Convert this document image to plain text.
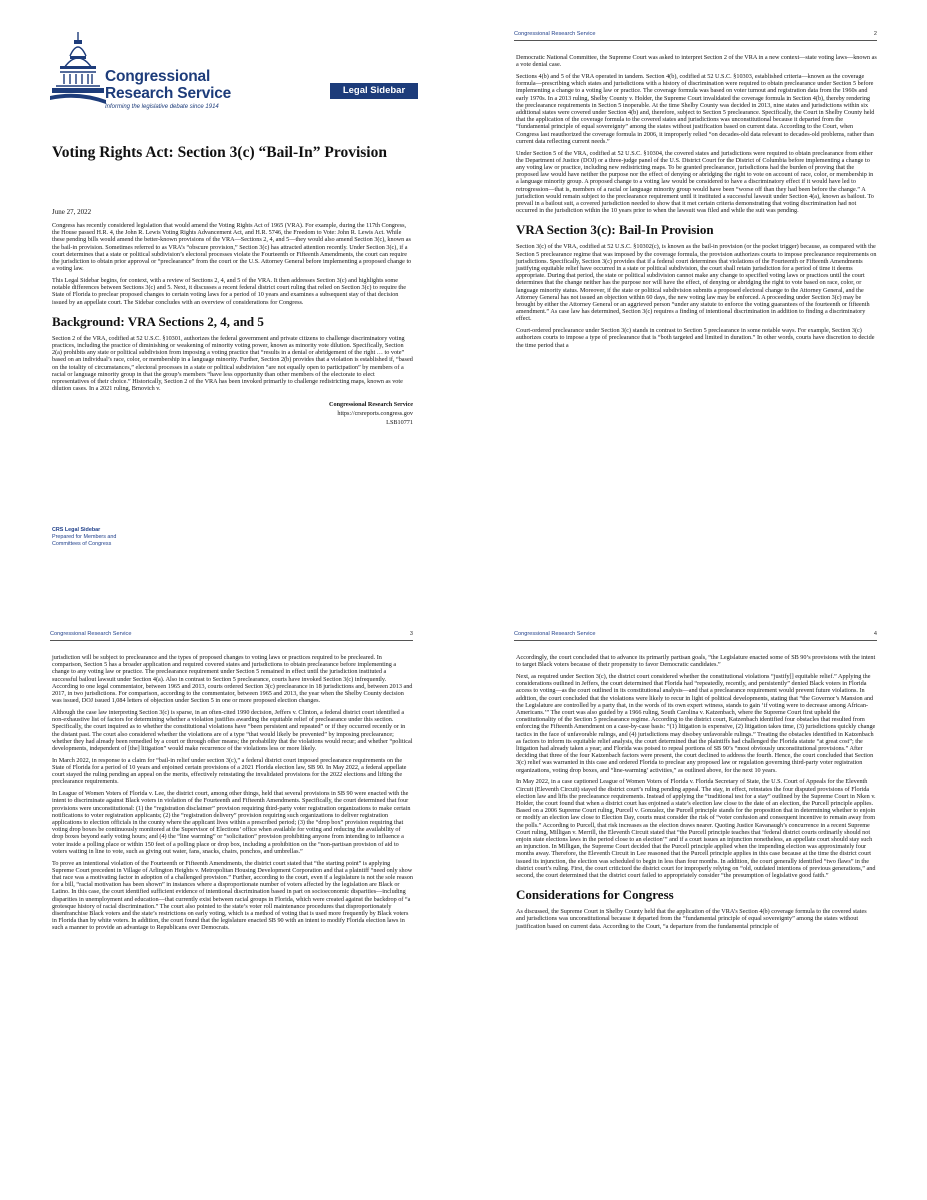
Congressional
Research Service
Informing the legislative debate since 1914
Legal Sidebar
Voting Rights Act: Section 3(c) “Bail-In” Provision
June 27, 2022

Congress has recently considered legislation that would amend the Voting Rights Act of 1965 (VRA). For example, during the 117th Congress, the House passed H.R. 4, the John R. Lewis Voting Rights Advancement Act, and H.R. 5746, the Freedom to Vote: John R. Lewis Act. While these pending bills would amend the better-known provisions of the VRA—Sections 2, 4, and 5—they would also amend Section 3(c), known as the bail-in provision. Sometimes referred to as VRA’s “obscure provision,” Section 3(c) has attracted attention recently. Under Section 3(c), if a court determines that a state or political subdivision’s electoral processes violate the Fourteenth or Fifteenth Amendments, the court can require the jurisdiction to obtain prior approval or “preclearance” from the court or the U.S. Attorney General before implementing a proposed change to a voting law.

This Legal Sidebar begins, for context, with a review of Sections 2, 4, and 5 of the VRA. It then addresses Section 3(c) and highlights some notable differences between Sections 3(c) and 5. Next, it discusses a recent federal district court ruling that relied on Section 3(c) to require the State of Florida to preclear proposed changes to certain voting laws for a period of 10 years and examines a subsequent stay of that decision issued by an appellate court. The Sidebar concludes with an overview of considerations for Congress.

Background: VRA Sections 2, 4, and 5

Section 2 of the VRA, codified at 52 U.S.C. §10301, authorizes the federal government and private citizens to challenge discriminatory voting practices, including the practice of diminishing or weakening of minority voting power, known as minority vote dilution. Specifically, Section 2(a) prohibits any state or political subdivision from imposing a voting practice that “results in a denial or abridgement of the right … to vote” based on an individual’s race, color, or membership in a language minority. Further, Section 2(b) provides that a violation is established if, “based on the totality of circumstances,” electoral processes in a state or political subdivision “are not equally open to participation” by members of a racial or language minority group in that the group’s members “have less opportunity than other members of the electorate to elect representatives of their choice.” Historically, Section 2 of the VRA has been invoked primarily to challenge redistricting maps, known as vote dilution cases. In a 2021 ruling, Brnovich v.

Congressional Research Service
https://crsreports.congress.gov
LSB10771
CRS Legal Sidebar
Prepared for Members and
Committees of Congress
Congressional Research Service	2

Democratic National Committee, the Supreme Court was asked to interpret Section 2 of the VRA in a new context—state voting laws—known as a vote denial case.

Sections 4(b) and 5 of the VRA operated in tandem. Section 4(b), codified at 52 U.S.C. §10303, established criteria—known as the coverage formula—prescribing which states and jurisdictions with a history of discrimination were required to obtain preclearance under Section 5 before implementing a change to a voting law or practice. The coverage formula was based on voter turnout and registration data from the 1960s and early 1970s. In a 2013 ruling, Shelby County v. Holder, the Supreme Court invalidated the coverage formula in Section 4(b), thereby rendering the preclearance requirements in Section 5 inoperable. At the time Shelby County was decided in 2013, nine states and jurisdictions within six additional states were covered under Section 4(b) and, therefore, subject to Section 5 preclearance. Specifically, the Court in Shelby County held that the application of the coverage formula to the covered states and jurisdictions was unconstitutional because it departed from the “fundamental principle of equal sovereignty” among the states without justification based on current data. According to the Court, when Congress last reauthorized the coverage formula in 2006, it improperly relied “on decades-old data relevant to decades-old problems, rather than current data reflecting current needs.”

Under Section 5 of the VRA, codified at 52 U.S.C. §10304, the covered states and jurisdictions were required to obtain preclearance from either the Department of Justice (DOJ) or a three-judge panel of the U.S. District Court for the District of Columbia before implementing a change to any voting law or practice, including new redistricting maps. To be granted preclearance, jurisdictions had the burden of proving that the proposed law would have neither the purpose nor the effect of denying or abridging the right to vote on account of race, color, or membership in a language minority group. A proposed change to a voting law would be considered to have a discriminatory effect if it would have led to retrogression—that is, members of a racial or language minority group would have been “worse off than they had been before the change.” A jurisdiction would remain subject to the preclearance requirement until it instituted a successful lawsuit under Section 4(a), known as bailout. To prevail in a bailout suit, a covered jurisdiction needed to show that it met certain criteria demonstrating that voting discrimination had not occurred in the jurisdiction within the 10 years prior to when the lawsuit was filed and while the suit was pending.

VRA Section 3(c): Bail-In Provision

Section 3(c) of the VRA, codified at 52 U.S.C. §10302(c), is known as the bail-in provision (or the pocket trigger) because, as compared with the Section 5 preclearance regime that was imposed by the coverage formula, the provision authorizes courts to impose preclearance requirements on jurisdictions. Specifically, Section 3(c) provides that if a federal court determines that violations of the Fourteenth or Fifteenth Amendments justifying equitable relief have occurred in a state or political subdivision, the court shall retain jurisdiction for a period of time it deems appropriate. During that period, the state or political subdivision cannot make any change to specified voting laws or practices until the court determines that the change neither has the purpose nor will have the effect, of denying or abridging the right to vote based on race, color, or language minority status. Moreover, if the state or political subdivision submits a proposed electoral change to the Attorney General, and the Attorney General has not issued an objection within 60 days, the new voting law may be enforced. A proceeding under Section 3(c) may be brought by either the Attorney General or an aggrieved person “under any statute to enforce the voting guarantees of the fourteenth or fifteenth amendment.” As case law has determined, Section 3(c) requires a finding of intentional discrimination in addition to finding a discriminatory effect.

Court-ordered preclearance under Section 3(c) stands in contrast to Section 5 preclearance in some notable ways. For example, Section 3(c) authorizes courts to impose a type of preclearance that is “both targeted and limited in duration.” In other words, courts have discretion to decide the time period that a

Congressional Research Service	3

jurisdiction will be subject to preclearance and the types of proposed changes to voting laws or practices required to be precleared. In comparison, Section 5 has a broader application and required covered states and jurisdictions to obtain preclearance before implementing a change to any voting law or practice. The preclearance requirement under Section 5 remained in effect until the jurisdiction instituted a successful bailout lawsuit under Section 4(a). Also in contrast to Section 5 preclearance, courts have invoked Section 3(c) infrequently. According to one legal commentator, between 1965 and 2013, courts ordered Section 3(c) preclearance in 18 jurisdictions and, between 2013 and 2017, in two jurisdictions. For comparison, according to the commentator, between 1965 and 2013, the year when the Shelby County decision was issued, DOJ issued 1,084 letters of objection under Section 5 in one or more proposed election changes.

Although the case law interpreting Section 3(c) is sparse, in an often-cited 1990 decision, Jeffers v. Clinton, a federal district court identified a non-exhaustive list of factors for determining whether a violation justifies awarding the equitable relief of preclearance under this section. Specifically, the court inquired as to whether the constitutional violations have “been persistent and repeated” or if they occurred recently or in the distant past. The court also considered whether the violations are of a type “that would likely be prevented” by imposing preclearance; whether they had already been remedied by a court or through other means; the probability that the violations would recur; and whether “political developments, independent of [the] litigation” would make recurrence of the violations less or more likely.

In March 2022, in response to a claim for “bail-in relief under section 3(c),” a federal district court imposed preclearance requirements on the State of Florida for a period of 10 years and enjoined certain provisions of a 2021 Florida election law, SB 90. In May 2022, a federal appellate court stayed the ruling pending an appeal on the merits, effectively reinstating the invalidated provisions for the 2022 elections and lifting the preclearance requirements.

In League of Women Voters of Florida v. Lee, the district court, among other things, held that several provisions in SB 90 were enacted with the intent to discriminate against Black voters in violation of the Fourteenth and Fifteenth Amendments. Specifically, the court determined that four provisions were unconstitutional: (1) the “registration disclaimer” provision requiring third-party voter registration organizations to make certain notifications to voter registration applicants; (2) the “registration delivery” provision requiring such organizations to deliver registration applications to election officials in the county where the applicant lives within a prescribed period; (3) the “drop box” provision requiring that voting drop boxes be continuously monitored at the Supervisor of Elections’ office when available for voting and reducing the availability of drop boxes beyond early voting hours; and (4) the “line warming” or “solicitation” provision prohibiting anyone from intending to influence a voter inside a polling place or within 150 feet of a polling place or drop box, including a prohibition on the “non-partisan provision of aid to voters waiting in line to vote, such as giving out water, fans, snacks, chairs, ponchos, and umbrellas.”

To prove an intentional violation of the Fourteenth or Fifteenth Amendments, the district court stated that “the starting point” is applying Supreme Court precedent in Village of Arlington Heights v. Metropolitan Housing Development Corporation and that a plaintiff “need only show that race was a motivating factor in adoption of a challenged provision.” Further, according to the court, even if a legislature is not the sole reason for a bill, “racial motivation has been shown” in instances where a disproportionate number of voters affected by the legislation are Black or Latino. In this case, the court identified sufficient evidence of intentional discrimination based in part on socioeconomic disparities—including disparities in unemployment and education—that currently exist between racial groups in Florida, which were created against the backdrop of “a grotesque history of racial discrimination.” The court also pointed to the state’s voter roll maintenance procedures that disproportionately disenfranchise Black voters and the state’s restrictions on early voting, which is a method of voting that is used more frequently by Black voters in Florida than by white voters. In addition, the court found that the legislature enacted SB 90 with an intent to modify Florida election laws in such a manner to provide an advantage to Republicans over Democrats.

Congressional Research Service	4

Accordingly, the court concluded that to advance its primarily partisan goals, “the Legislature enacted some of SB 90’s provisions with the intent to target Black voters because of their propensity to favor Democratic candidates.”

Next, as required under Section 3(c), the district court considered whether the constitutional violations “justify[] equitable relief.” Applying the considerations outlined in Jeffers, the court determined that Florida had “repeatedly, recently, and persistently” denied Black voters in Florida access to voting—as the court outlined in its constitutional analysis—and that a preclearance requirement would prevent future violations. In addition, the court concluded that the violations were likely to recur in light of political developments, stating that “the Governor’s Mansion and the Legislature are controlled by a party that, in the words of its own expert witness, stands to gain ‘if voting were to decrease among African-Americans.’” The court was also guided by a 1966 ruling, South Carolina v. Katzenbach, where the Supreme Court first upheld the constitutionality of the Section 5 preclearance regime. According to the district court, Katzenbach identified four obstacles that resulted from enforcing the Fifteenth Amendment on a case-by-case basis: “(1) litigation is expensive, (2) litigation takes time, (3) jurisdictions quickly change tactics in the face of unfavorable rulings, and (4) jurisdictions may disobey unfavorable rulings.” Treating the obstacles identified in Katzenbach as factors to inform its equitable relief analysis, the court determined that the plaintiffs had challenged the Florida statute “at great cost”; the litigation had already taken a year; and Florida was poised to repeal portions of SB 90’s “most obviously unconstitutional provisions.” After deciding that three of the four Katzenbach factors were present, the court declined to address the fourth. Hence, the court concluded that Section 3(c) relief was warranted in this case and ordered Florida to preclear any proposed law or regulation governing third-party voter registration organizations, voting drop boxes, and “line-warming’ activities,” as outlined above, for the next 10 years.

In May 2022, in a case captioned League of Women Voters of Florida v. Florida Secretary of State, the U.S. Court of Appeals for the Eleventh Circuit (Eleventh Circuit) stayed the district court’s ruling pending appeal. The stay, in effect, reinstates the four disputed provisions of Florida election law and lifts the preclearance requirements. Instead of applying the “traditional test for a stay” outlined by the Supreme Court in Nken v. Holder, the court found that when a district court has enjoined a state’s election law close to the date of an election, the Purcell principle applies. Based on a 2006 Supreme Court ruling, Purcell v. Gonzalez, the Purcell principle stands for the proposition that in determining whether to enjoin or modify an election law close to Election Day, courts must consider the risk of “voter confusion and consequent incentive to remain away from the polls.” According to Purcell, that risk increases as the election draws nearer. Quoting Justice Kavanaugh’s concurrence in a recent Supreme Court ruling, Milligan v. Merrill, the Eleventh Circuit stated that “the Purcell principle teaches that ‘federal district courts ordinarily should not enjoin state elections laws in the period close to an election’” and if a court issues an injunction nonetheless, an appellate court should stay such an injunction. In Milligan, the Supreme Court decided that the Purcell principle applied when the impending election was approximately four months away. Therefore, the Eleventh Circuit in Lee reasoned that the Purcell principle applies in this case because at the time the district court issued its injunction, the election was scheduled to begin in less than four months. In addition, the court generally identified “two flaws” in the district court’s ruling. First, the court criticized the district court for improperly relying on “old, outdated intentions of previous generations,” and second, the court determined that the district court failed to appropriately consider “the presumption of legislative good faith.”

Considerations for Congress

As discussed, the Supreme Court in Shelby County held that the application of the VRA’s Section 4(b) coverage formula to the covered states and jurisdictions was unconstitutional because it departed from the “fundamental principle of equal sovereignty” among the states without justification based on current data. According to the Court, “a departure from the fundamental principle of
